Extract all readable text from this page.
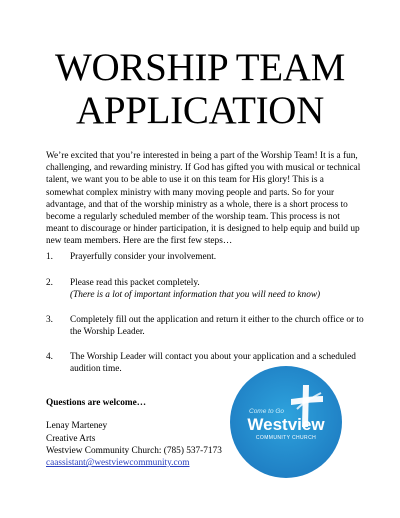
WORSHIP TEAM
APPLICATION

We’re excited that you’re interested in being a part of the Worship Team! It is a fun, challenging, and rewarding ministry. If God has gifted you with musical or technical talent, we want you to be able to use it on this team for His glory! This is a somewhat complex ministry with many moving people and parts. So for your advantage, and that of the worship ministry as a whole, there is a short process to become a regularly scheduled member of the worship team. This process is not meant to discourage or hinder participation, it is designed to help equip and build up new team members. Here are the first few steps…

1. Prayerfully consider your involvement.
2. Please read this packet completely.
(There is a lot of important information that you will need to know)
3. Completely fill out the application and return it either to the church office or to the Worship Leader.
4. The Worship Leader will contact you about your application and a scheduled audition time.
Questions are welcome…
Lenay Marteney
Creative Arts
Westview Community Church: (785) 537-7173
caassistant@westviewcommunity.com
Come to Go
Westview
COMMUNITY CHURCH
